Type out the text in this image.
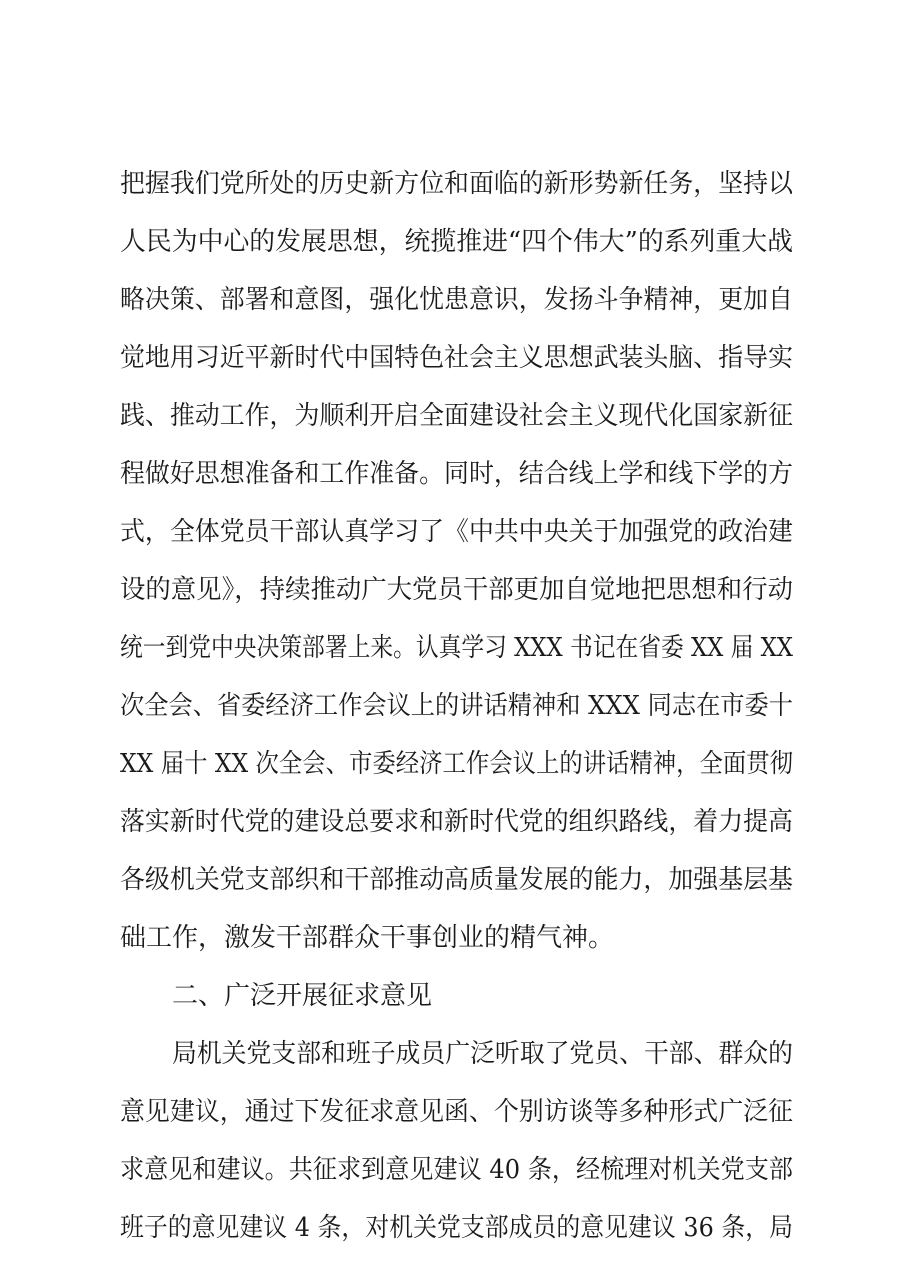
把握我们党所处的历史新方位和面临的新形势新任务，坚持以

人民为中心的发展思想，统揽推进“四个伟大”的系列重大战

略决策、部署和意图，强化忧患意识，发扬斗争精神，更加自

觉地用习近平新时代中国特色社会主义思想武装头脑、指导实

践、推动工作，为顺利开启全面建设社会主义现代化国家新征

程做好思想准备和工作准备。同时，结合线上学和线下学的方

式，全体党员干部认真学习了《中共中央关于加强党的政治建

设的意见》，持续推动广大党员干部更加自觉地把思想和行动

统一到党中央决策部署上来。认真学习 XXX 书记在省委 XX 届 XX

次全会、省委经济工作会议上的讲话精神和 XXX 同志在市委十

XX 届十 XX 次全会、市委经济工作会议上的讲话精神，全面贯彻

落实新时代党的建设总要求和新时代党的组织路线，着力提高

各级机关党支部织和干部推动高质量发展的能力，加强基层基

础工作，激发干部群众干事创业的精气神。

二、广泛开展征求意见

局机关党支部和班子成员广泛听取了党员、干部、群众的

意见建议，通过下发征求意见函、个别访谈等多种形式广泛征

求意见和建议。共征求到意见建议 40 条，经梳理对机关党支部

班子的意见建议 4 条，对机关党支部成员的意见建议 36 条，局
